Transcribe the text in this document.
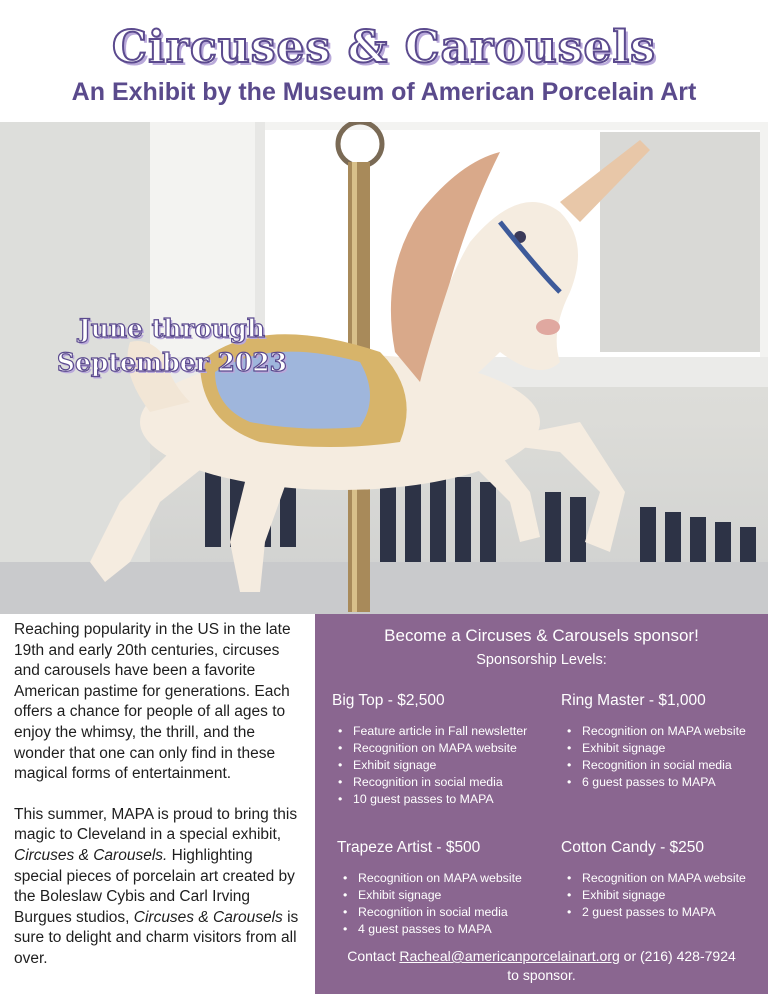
Circuses & Carousels
An Exhibit by the Museum of American Porcelain Art
June through
September 2023

Reaching popularity in the US in the late 19th and early 20th centuries, circuses and carousels have been a favorite American pastime for generations. Each offers a chance for people of all ages to enjoy the whimsy, the thrill, and the wonder that one can only find in these magical forms of entertainment.

This summer, MAPA is proud to bring this magic to Cleveland in a special exhibit, Circuses & Carousels. Highlighting special pieces of porcelain art created by the Boleslaw Cybis and Carl Irving Burgues studios, Circuses & Carousels is sure to delight and charm visitors from all over.

Become a Circuses & Carousels sponsor!
Sponsorship Levels:
Big Top - $2,500
• Feature article in Fall newsletter
• Recognition on MAPA website
• Exhibit signage
• Recognition in social media
• 10 guest passes to MAPA
Ring Master - $1,000
• Recognition on MAPA website
• Exhibit signage
• Recognition in social media
• 6 guest passes to MAPA
Trapeze Artist - $500
• Recognition on MAPA website
• Exhibit signage
• Recognition in social media
• 4 guest passes to MAPA
Cotton Candy - $250
• Recognition on MAPA website
• Exhibit signage
• 2 guest passes to MAPA
Contact Racheal@americanporcelainart.org or (216) 428-7924
to sponsor.
